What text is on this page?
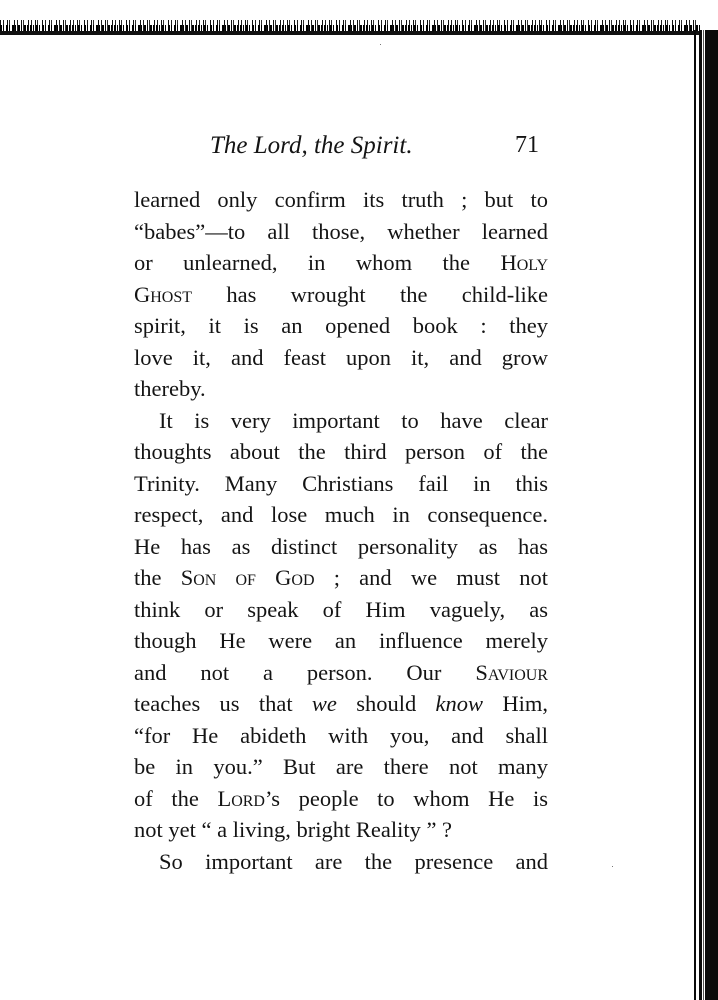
The Lord, the Spirit.	71
learned only confirm its truth ; but to
“babes”—to all those, whether learned
or unlearned, in whom the Holy
Ghost has wrought the child-like
spirit, it is an opened book : they
love it, and feast upon it, and grow
thereby.
It is very important to have clear
thoughts about the third person of the
Trinity. Many Christians fail in this
respect, and lose much in consequence.
He has as distinct personality as has
the Son of God ; and we must not
think or speak of Him vaguely, as
though He were an influence merely
and not a person. Our Saviour
teaches us that we should know Him,
“for He abideth with you, and shall
be in you.” But are there not many
of the Lord’s people to whom He is
not yet “ a living, bright Reality ” ?
So important are the presence and
